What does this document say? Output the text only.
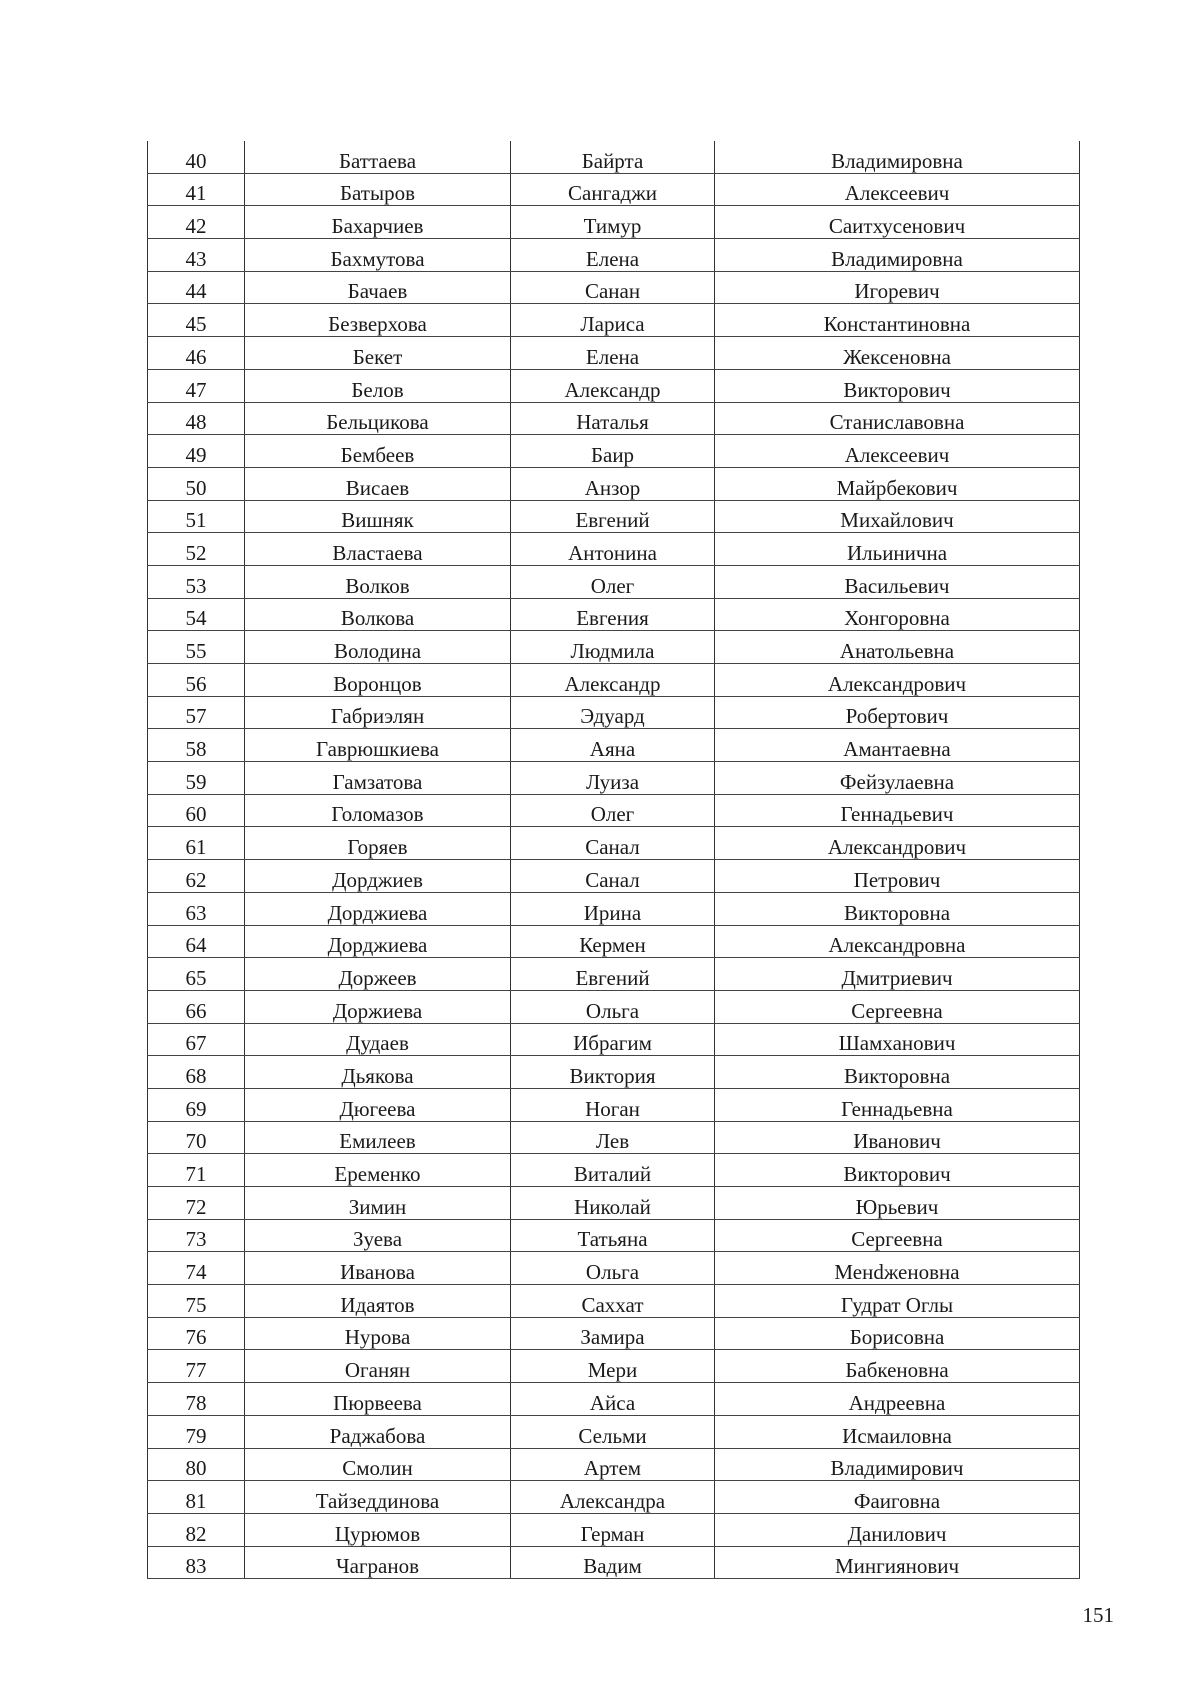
40	Баттаева	Байрта	Владимировна
41	Батыров	Сангаджи	Алексеевич
42	Бахарчиев	Тимур	Саитхусенович
43	Бахмутова	Елена	Владимировна
44	Бачаев	Санан	Игоревич
45	Безверхова	Лариса	Константиновна
46	Бекет	Елена	Жексеновна
47	Белов	Александр	Викторович
48	Бельцикова	Наталья	Станиславовна
49	Бембеев	Баир	Алексеевич
50	Висаев	Анзор	Майрбекович
51	Вишняк	Евгений	Михайлович
52	Властаева	Антонина	Ильинична
53	Волков	Олег	Васильевич
54	Волкова	Евгения	Хонгоровна
55	Володина	Людмила	Анатольевна
56	Воронцов	Александр	Александрович
57	Габриэлян	Эдуард	Робертович
58	Гаврюшкиева	Аяна	Амантаевна
59	Гамзатова	Луиза	Фейзулаевна
60	Голомазов	Олег	Геннадьевич
61	Горяев	Санал	Александрович
62	Дорджиев	Санал	Петрович
63	Дорджиева	Ирина	Викторовна
64	Дорджиева	Кермен	Александровна
65	Доржеев	Евгений	Дмитриевич
66	Доржиева	Ольга	Сергеевна
67	Дудаев	Ибрагим	Шамханович
68	Дьякова	Виктория	Викторовна
69	Дюгеева	Ноган	Геннадьевна
70	Емилеев	Лев	Иванович
71	Еременко	Виталий	Викторович
72	Зимин	Николай	Юрьевич
73	Зуева	Татьяна	Сергеевна
74	Иванова	Ольга	Менdженовна
75	Идаятов	Саххат	Гудрат Оглы
76	Нурова	Замира	Борисовна
77	Оганян	Мери	Бабкеновна
78	Пюрвеева	Айса	Андреевна
79	Раджабова	Сельми	Исмаиловна
80	Смолин	Артем	Владимирович
81	Тайзеддинова	Александра	Фаиговна
82	Цурюмов	Герман	Данилович
83	Чагранов	Вадим	Мингиянович
151
